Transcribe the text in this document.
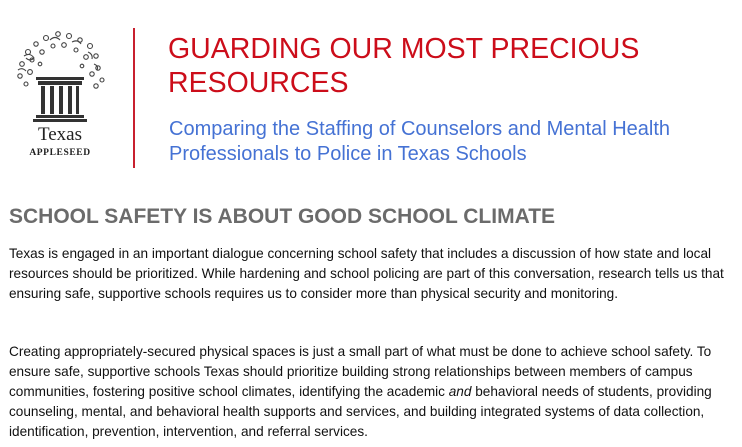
Texas
APPLESEED
GUARDING OUR MOST PRECIOUS RESOURCES
Comparing the Staffing of Counselors and Mental Health Professionals to Police in Texas Schools
SCHOOL SAFETY IS ABOUT GOOD SCHOOL CLIMATE

Texas is engaged in an important dialogue concerning school safety that includes a discussion of how state and local resources should be prioritized. While hardening and school policing are part of this conversation, research tells us that ensuring safe, supportive schools requires us to consider more than physical security and monitoring.

Creating appropriately-secured physical spaces is just a small part of what must be done to achieve school safety. To ensure safe, supportive schools Texas should prioritize building strong relationships between members of campus communities, fostering positive school climates, identifying the academic and behavioral needs of students, providing counseling, mental, and behavioral health supports and services, and building integrated systems of data collection, identification, prevention, intervention, and referral services.
